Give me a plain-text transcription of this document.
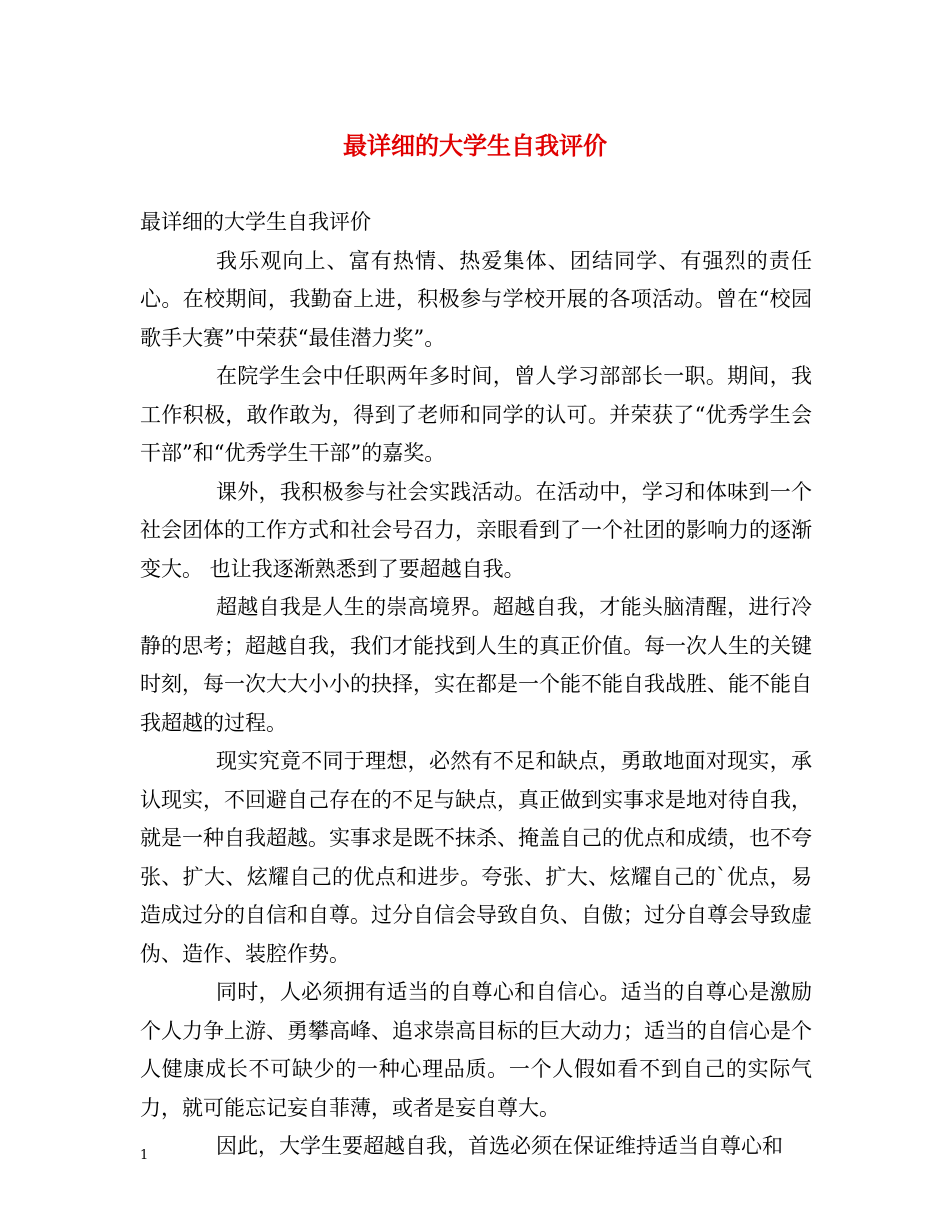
最详细的大学生自我评价

最详细的大学生自我评价

我乐观向上、富有热情、热爱集体、团结同学、有强烈的责任心。在校期间，我勤奋上进，积极参与学校开展的各项活动。曾在“校园歌手大赛”中荣获“最佳潜力奖”。

在院学生会中任职两年多时间，曾人学习部部长一职。期间，我工作积极，敢作敢为，得到了老师和同学的认可。并荣获了“优秀学生会干部”和“优秀学生干部”的嘉奖。

课外，我积极参与社会实践活动。在活动中，学习和体味到一个社会团体的工作方式和社会号召力，亲眼看到了一个社团的影响力的逐渐变大。 也让我逐渐熟悉到了要超越自我。

超越自我是人生的崇高境界。超越自我，才能头脑清醒，进行冷静的思考；超越自我，我们才能找到人生的真正价值。每一次人生的关键时刻，每一次大大小小的抉择，实在都是一个能不能自我战胜、能不能自我超越的过程。

现实究竟不同于理想，必然有不足和缺点，勇敢地面对现实，承认现实，不回避自己存在的不足与缺点，真正做到实事求是地对待自我，就是一种自我超越。实事求是既不抹杀、掩盖自己的优点和成绩，也不夸张、扩大、炫耀自己的优点和进步。夸张、扩大、炫耀自己的`优点，易造成过分的自信和自尊。过分自信会导致自负、自傲；过分自尊会导致虚伪、造作、装腔作势。

同时，人必须拥有适当的自尊心和自信心。适当的自尊心是激励个人力争上游、勇攀高峰、追求崇高目标的巨大动力；适当的自信心是个人健康成长不可缺少的一种心理品质。一个人假如看不到自己的实际气力，就可能忘记妄自菲薄，或者是妄自尊大。

因此，大学生要超越自我，首选必须在保证维持适当自尊心和

1
